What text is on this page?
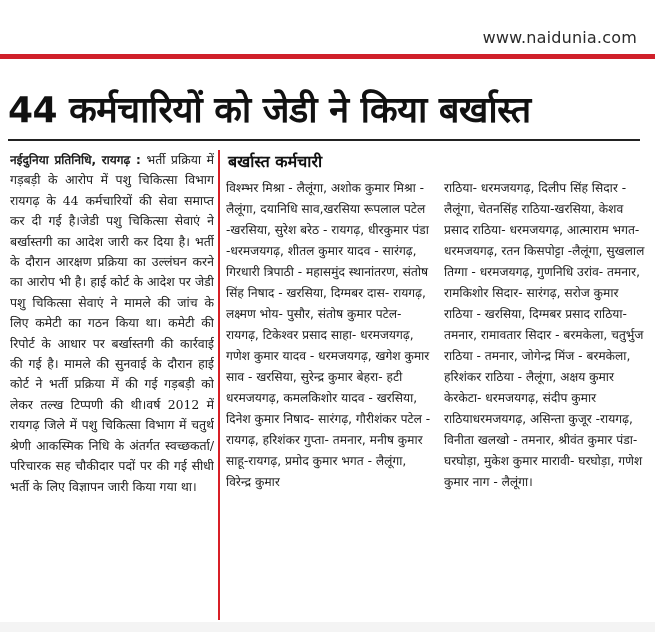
www.naidunia.com
44 कर्मचारियों को जेडी ने किया बर्खास्त
नईदुनिया प्रतिनिधि, रायगढ़ : भर्ती प्रक्रिया में गड़बड़ी के आरोप में पशु चिकित्सा विभाग रायगढ़ के 44 कर्मचारियों की सेवा समाप्त कर दी गई है।जेडी पशु चिकित्सा सेवाएं ने बर्खास्तगी का आदेश जारी कर दिया है। भर्ती के दौरान आरक्षण प्रक्रिया का उल्लंघन करने का आरोप भी है। हाई कोर्ट के आदेश पर जेडी पशु चिकित्सा सेवाएं ने मामले की जांच के लिए कमेटी का गठन किया था। कमेटी की रिपोर्ट के आधार पर बर्खास्तगी की कार्रवाई की गई है। मामले की सुनवाई के दौरान हाई कोर्ट ने भर्ती प्रक्रिया में की गई गड़बड़ी को लेकर तल्ख टिप्पणी की थी।वर्ष 2012 में रायगढ़ जिले में पशु चिकित्सा विभाग में चतुर्थ श्रेणी आकस्मिक निधि के अंतर्गत स्वच्छकर्ता/परिचारक सह चौकीदार पदों पर की गई सीधी भर्ती के लिए विज्ञापन जारी किया गया था।
बर्खास्त कर्मचारी
विश्म्भर मिश्रा - लैलूंगा, अशोक कुमार मिश्रा - लैलूंगा, दयानिधि साव,खरसिया रूपलाल पटेल -खरसिया, सुरेश बरेठ - रायगढ़, धीरकुमार पंडा -धरमजयगढ़, शीतल कुमार यादव - सारंगढ़, गिरधारी त्रिपाठी - महासमुंद स्थानांतरण, संतोष सिंह निषाद - खरसिया, दिग्मबर दास- रायगढ़, लक्ष्मण भोय- पुसौर, संतोष कुमार पटेल-रायगढ़, टिकेश्वर प्रसाद साहा- धरमजयगढ़, गणेश कुमार यादव - धरमजयगढ़, खगेश कुमार साव - खरसिया, सुरेन्द्र कुमार बेहरा- हटी धरमजयगढ़, कमलकिशोर यादव - खरसिया, दिनेश कुमार निषाद- सारंगढ़, गौरीशंकर पटेल - रायगढ़, हरिशंकर गुप्ता- तमनार, मनीष कुमार साहू-रायगढ़, प्रमोद कुमार भगत - लैलूंगा, विरेन्द्र कुमार
राठिया- धरमजयगढ़, दिलीप सिंह सिदार - लैलूंगा, चेतनसिंह राठिया-खरसिया, केशव प्रसाद राठिया- धरमजयगढ़, आत्माराम भगत- धरमजयगढ़, रतन किसपोट्टा -लैलूंगा, सुखलाल तिग्गा - धरमजयगढ़, गुणनिधि उरांव- तमनार, रामकिशोर सिदार- सारंगढ़, सरोज कुमार राठिया - खरसिया, दिग्मबर प्रसाद राठिया- तमनार, रामावतार सिदार - बरमकेला, चतुर्भुज राठिया - तमनार, जोगेन्द्र मिंज - बरमकेला, हरिशंकर राठिया - लैलूंगा, अक्षय कुमार केरकेटा- धरमजयगढ़, संदीप कुमार राठियाधरमजयगढ़, असिन्ता कुजूर -रायगढ़, विनीता खलखो - तमनार, श्रीवंत कुमार पंडा-घरघोड़ा, मुकेश कुमार मारावी- घरघोड़ा, गणेश कुमार नाग - लैलूंगा।
